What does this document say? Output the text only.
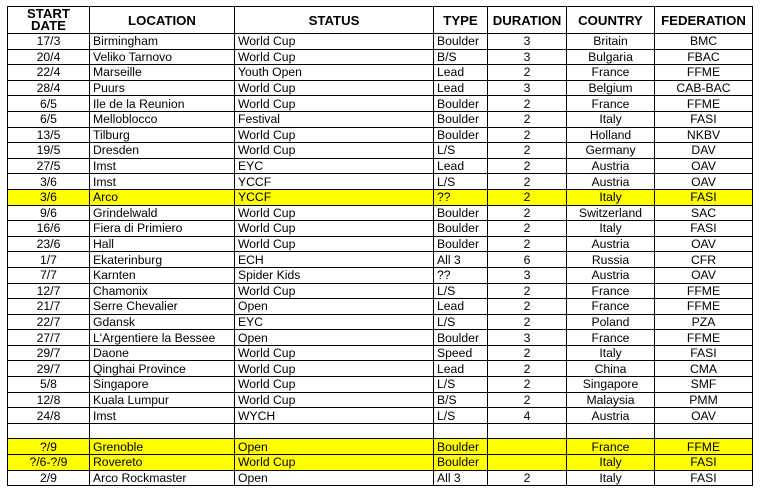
START
DATE	LOCATION	STATUS	TYPE	DURATION	COUNTRY	FEDERATION
17/3	Birmingham	World Cup	Boulder	3	Britain	BMC
20/4	Veliko Tarnovo	World Cup	B/S	3	Bulgaria	FBAC
22/4	Marseille	Youth Open	Lead	2	France	FFME
28/4	Puurs	World Cup	Lead	3	Belgium	CAB-BAC
6/5	Ile de la Reunion	World Cup	Boulder	2	France	FFME
6/5	Melloblocco	Festival	Boulder	2	Italy	FASI
13/5	Tilburg	World Cup	Boulder	2	Holland	NKBV
19/5	Dresden	World Cup	L/S	2	Germany	DAV
27/5	Imst	EYC	Lead	2	Austria	OAV
3/6	Imst	YCCF	L/S	2	Austria	OAV
3/6	Arco	YCCF	??	2	Italy	FASI
9/6	Grindelwald	World Cup	Boulder	2	Switzerland	SAC
16/6	Fiera di Primiero	World Cup	Boulder	2	Italy	FASI
23/6	Hall	World Cup	Boulder	2	Austria	OAV
1/7	Ekaterinburg	ECH	All 3	6	Russia	CFR
7/7	Karnten	Spider Kids	??	3	Austria	OAV
12/7	Chamonix	World Cup	L/S	2	France	FFME
21/7	Serre Chevalier	Open	Lead	2	France	FFME
22/7	Gdansk	EYC	L/S	2	Poland	PZA
27/7	L'Argentiere la Bessee	Open	Boulder	3	France	FFME
29/7	Daone	World Cup	Speed	2	Italy	FASI
29/7	Qinghai Province	World Cup	Lead	2	China	CMA
5/8	Singapore	World Cup	L/S	2	Singapore	SMF
12/8	Kuala Lumpur	World Cup	B/S	2	Malaysia	PMM
24/8	Imst	WYCH	L/S	4	Austria	OAV

?/9	Grenoble	Open	Boulder		France	FFME
?/6-?/9	Rovereto	World Cup	Boulder		Italy	FASI
2/9	Arco Rockmaster	Open	All 3	2	Italy	FASI
